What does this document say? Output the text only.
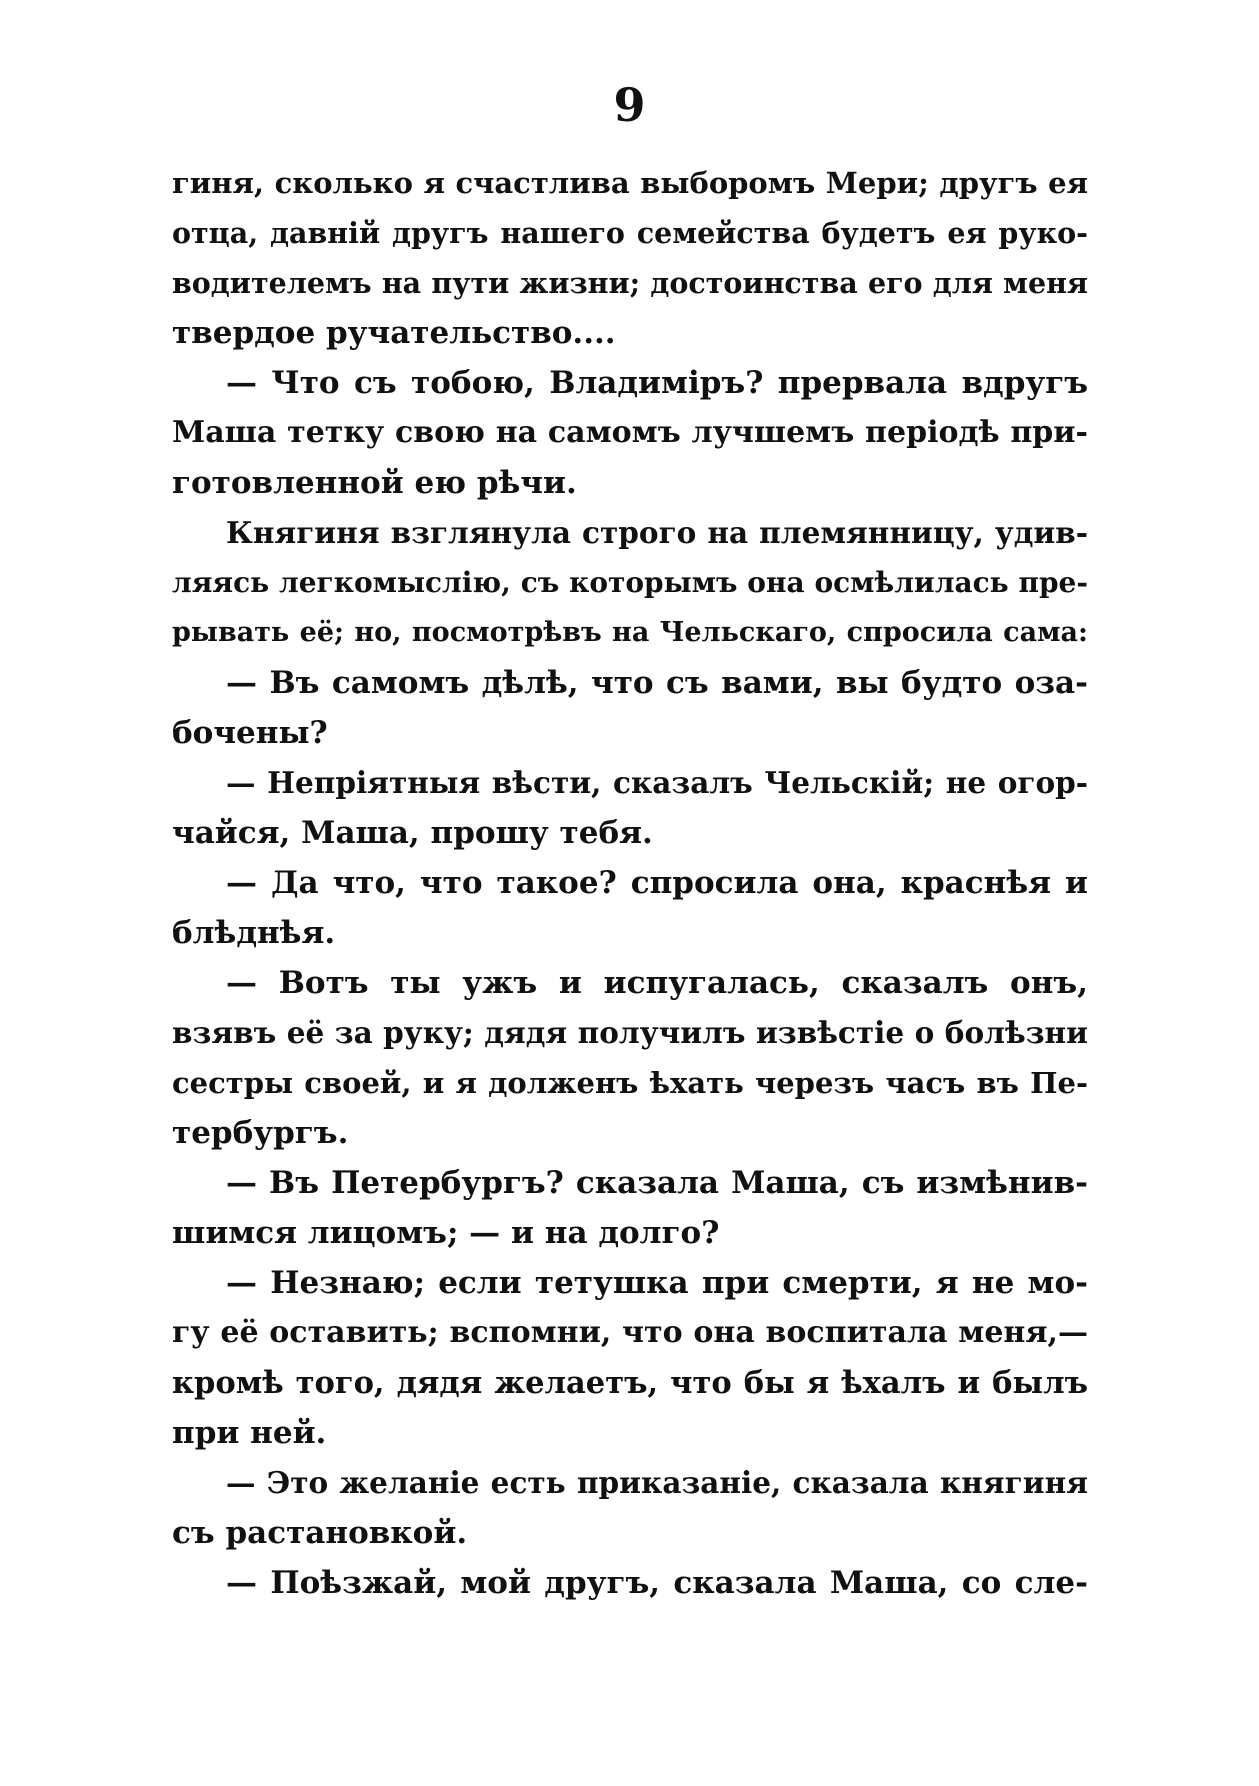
9
гиня, сколько я счастлива выборомъ Мери; другъ ея
отца, давній другъ нашего семейства будетъ ея руко-
водителемъ на пути жизни; достоинства его для меня
твердое ручательство....
— Что съ тобою, Владиміръ? прервала вдругъ
Маша тетку свою на самомъ лучшемъ періодѣ при-
готовленной ею рѣчи.
Княгиня взглянула строго на племянницу, удив-
ляясь легкомыслію, съ которымъ она осмѣлилась пре-
рывать её; но, посмотрѣвъ на Чельскаго, спросила сама:
— Въ самомъ дѣлѣ, что съ вами, вы будто оза-
бочены?
— Непріятныя вѣсти, сказалъ Чельскій; не огор-
чайся, Маша, прошу тебя.
— Да что, что такое? спросила она, краснѣя и
блѣднѣя.
— Вотъ ты ужъ и испугалась, сказалъ онъ,
взявъ её за руку; дядя получилъ извѣстіе о болѣзни
сестры своей, и я долженъ ѣхать черезъ часъ въ Пе-
тербургъ.
— Въ Петербургъ? сказала Маша, съ измѣнив-
шимся лицомъ; — и на долго?
— Незнаю; если тетушка при смерти, я не мо-
гу её оставить; вспомни, что она воспитала меня,—
кромѣ того, дядя желаетъ, что бы я ѣхалъ и былъ
при ней.
— Это желаніе есть приказаніе, сказала княгиня
съ растановкой.
— Поѣзжай, мой другъ, сказала Маша, со сле-
